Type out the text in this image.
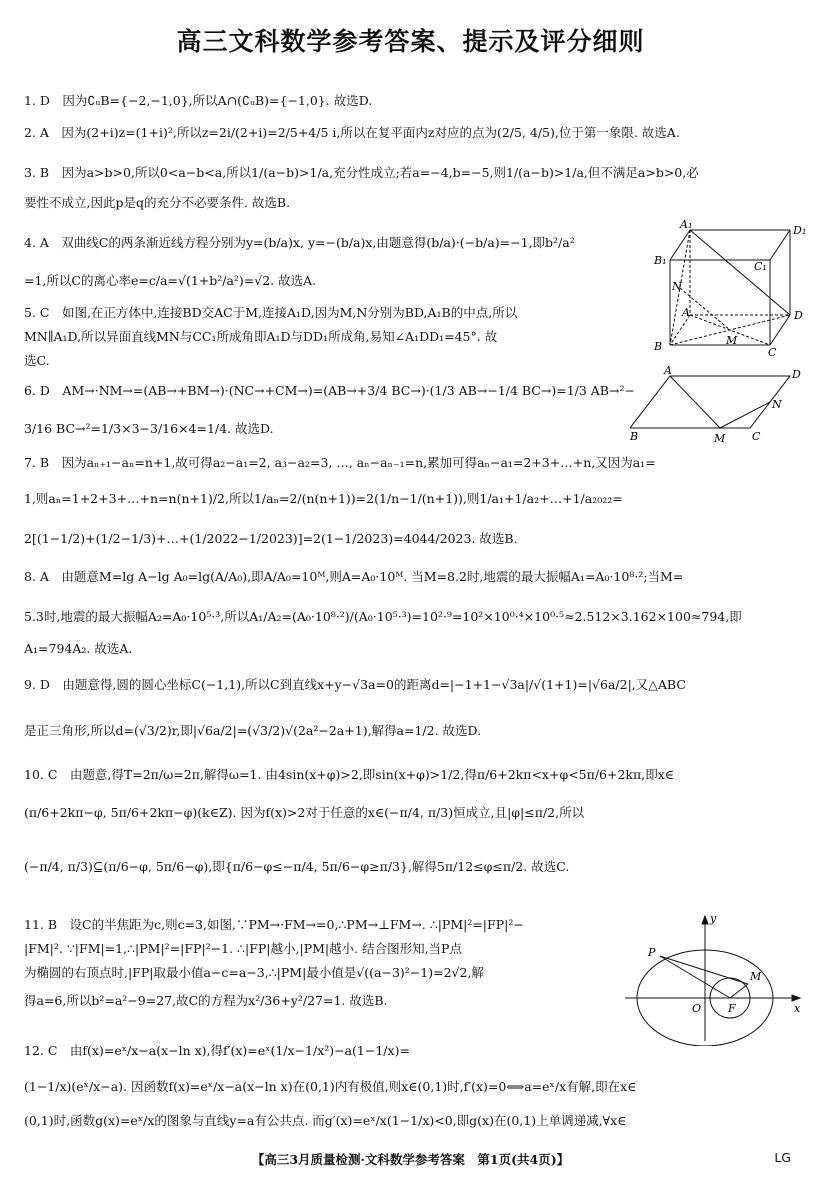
高三文科数学参考答案、提示及评分细则
1. D　因为∁ᵤB={−2,−1,0},所以A∩(∁ᵤB)={−1,0}. 故选D.
2. A　因为(2+i)z=(1+i)²,所以z=2i/(2+i)=2/5+4/5 i,所以在复平面内z对应的点为(2/5, 4/5),位于第一象限. 故选A.
3. B　因为a>b>0,所以0<a−b<a,所以1/(a−b)>1/a,充分性成立;若a=−4,b=−5,则1/(a−b)>1/a,但不满足a>b>0,必
要性不成立,因此p是q的充分不必要条件. 故选B.
4. A　双曲线C的两条渐近线方程分别为y=(b/a)x, y=−(b/a)x,由题意得(b/a)·(−b/a)=−1,即b²/a²
=1,所以C的离心率e=c/a=√(1+b²/a²)=√2. 故选A.
5. C　如图,在正方体中,连接BD交AC于M,连接A₁D,因为M,N分别为BD,A₁B的中点,所以
MN∥A₁D,所以异面直线MN与CC₁所成角即A₁D与DD₁所成角,易知∠A₁DD₁=45°. 故
选C.
A₁	D₁
B₁	C₁
N
A	D
M
B	C
6. D　AM→·NM→=(AB→+BM→)·(NC→+CM→)=(AB→+3/4 BC→)·(1/3 AB→−1/4 BC→)=1/3 AB→²−
3/16 BC→²=1/3×3−3/16×4=1/4. 故选D.
A	D
B	M C
N
7. B　因为aₙ₊₁−aₙ=n+1,故可得a₂−a₁=2, a₃−a₂=3, …, aₙ−aₙ₋₁=n,累加可得aₙ−a₁=2+3+…+n,又因为a₁=
1,则aₙ=1+2+3+…+n=n(n+1)/2,所以1/aₙ=2/(n(n+1))=2(1/n−1/(n+1)),则1/a₁+1/a₂+…+1/a₂₀₂₂=
2[(1−1/2)+(1/2−1/3)+…+(1/2022−1/2023)]=2(1−1/2023)=4044/2023. 故选B.
8. A　由题意M=lg A−lg A₀=lg(A/A₀),即A/A₀=10ᴹ,则A=A₀·10ᴹ. 当M=8.2时,地震的最大振幅A₁=A₀·10⁸·²;当M=
5.3时,地震的最大振幅A₂=A₀·10⁵·³,所以A₁/A₂=(A₀·10⁸·²)/(A₀·10⁵·³)=10²·⁹=10²×10⁰·⁴×10⁰·⁵≈2.512×3.162×100≈794,即
A₁=794A₂. 故选A.
9. D　由题意得,圆的圆心坐标C(−1,1),所以C到直线x+y−√3a=0的距离d=|−1+1−√3a|/√(1+1)=|√6a/2|,又△ABC
是正三角形,所以d=(√3/2)r,即|√6a/2|=(√3/2)√(2a²−2a+1),解得a=1/2. 故选D.
10. C　由题意,得T=2π/ω=2π,解得ω=1. 由4sin(x+φ)>2,即sin(x+φ)>1/2,得π/6+2kπ<x+φ<5π/6+2kπ,即x∈
(π/6+2kπ−φ, 5π/6+2kπ−φ)(k∈Z). 因为f(x)>2对于任意的x∈(−π/4, π/3)恒成立,且|φ|≤π/2,所以
(−π/4, π/3)⊆(π/6−φ, 5π/6−φ),即{π/6−φ≤−π/4, 5π/6−φ≥π/3},解得5π/12≤φ≤π/2. 故选C.
11. B　设C的半焦距为c,则c=3,如图,∵PM→·FM→=0,∴PM→⊥FM→. ∴|PM|²=|FP|²−
|FM|². ∵|FM|=1,∴|PM|²=|FP|²−1. ∴|FP|越小,|PM|越小. 结合图形知,当P点
为椭圆的右顶点时,|FP|取最小值a−c=a−3,∴|PM|最小值是√((a−3)²−1)=2√2,解
得a=6,所以b²=a²−9=27,故C的方程为x²/36+y²/27=1. 故选B.
y
P
M
O F	x
12. C　由f(x)=eˣ/x−a(x−ln x),得f′(x)=eˣ(1/x−1/x²)−a(1−1/x)=
(1−1/x)(eˣ/x−a). 因函数f(x)=eˣ/x−a(x−ln x)在(0,1)内有极值,则x∈(0,1)时,f′(x)=0⟺a=eˣ/x有解,即在x∈
(0,1)时,函数g(x)=eˣ/x的图象与直线y=a有公共点. 而g′(x)=eˣ/x(1−1/x)<0,即g(x)在(0,1)上单调递减,∀x∈
【高三3月质量检测·文科数学参考答案　第1页(共4页)】	LG
